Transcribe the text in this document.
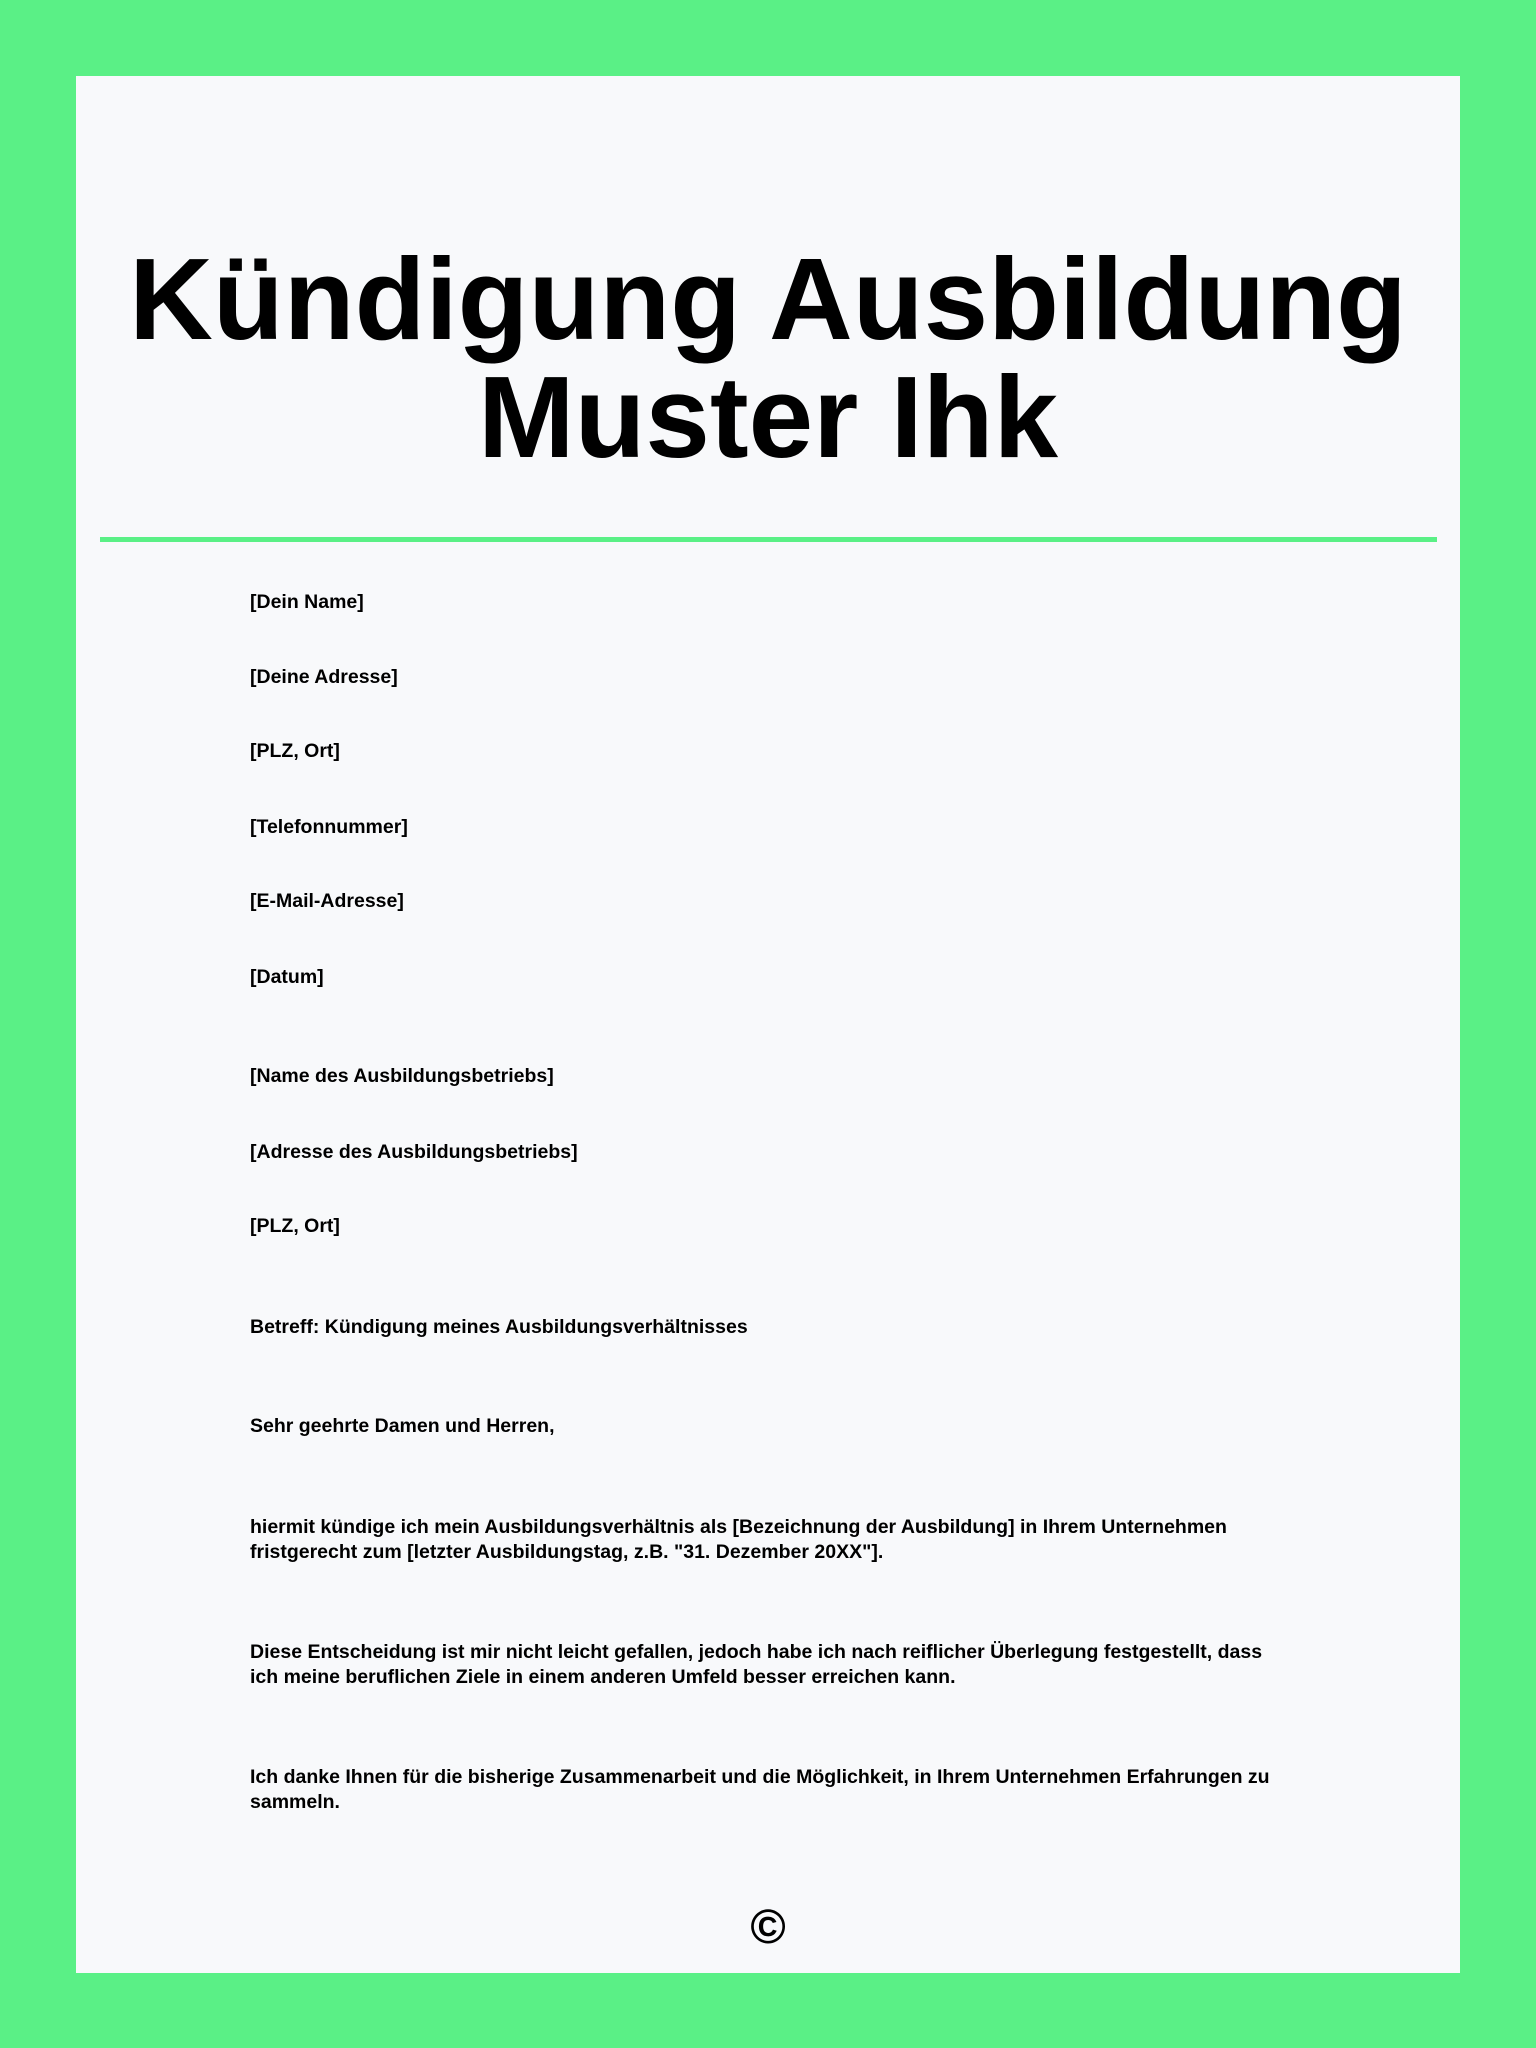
Kündigung Ausbildung Muster Ihk
[Dein Name]
[Deine Adresse]
[PLZ, Ort]
[Telefonnummer]
[E-Mail-Adresse]
[Datum]
[Name des Ausbildungsbetriebs]
[Adresse des Ausbildungsbetriebs]
[PLZ, Ort]
Betreff: Kündigung meines Ausbildungsverhältnisses
Sehr geehrte Damen und Herren,
hiermit kündige ich mein Ausbildungsverhältnis als [Bezeichnung der Ausbildung] in Ihrem Unternehmen fristgerecht zum [letzter Ausbildungstag, z.B. "31. Dezember 20XX"].
Diese Entscheidung ist mir nicht leicht gefallen, jedoch habe ich nach reiflicher Überlegung festgestellt, dass ich meine beruflichen Ziele in einem anderen Umfeld besser erreichen kann.
Ich danke Ihnen für die bisherige Zusammenarbeit und die Möglichkeit, in Ihrem Unternehmen Erfahrungen zu sammeln.
©
